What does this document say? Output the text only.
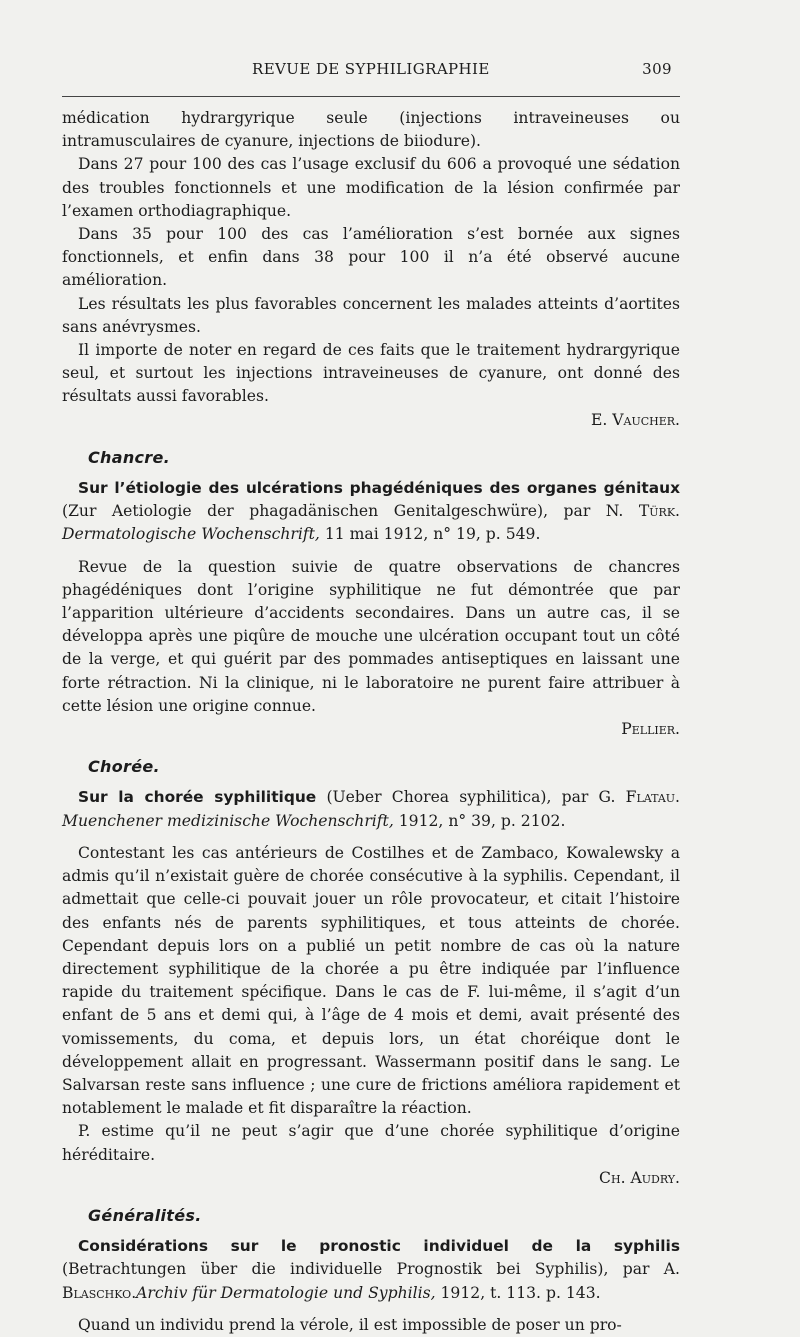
REVUE DE SYPHILIGRAPHIE	309

médication hydrargyrique seule (injections intraveineuses ou intramusculaires de cyanure, injections de biiodure).

Dans 27 pour 100 des cas l’usage exclusif du 606 a provoqué une sédation des troubles fonctionnels et une modification de la lésion confirmée par l’examen orthodiagraphique.

Dans 35 pour 100 des cas l’amélioration s’est bornée aux signes fonctionnels, et enfin dans 38 pour 100 il n’a été observé aucune amélioration.

Les résultats les plus favorables concernent les malades atteints d’aortites sans anévrysmes.

Il importe de noter en regard de ces faits que le traitement hydrargyrique seul, et surtout les injections intraveineuses de cyanure, ont donné des résultats aussi favorables.

E. Vaucher.

Chancre.

Sur l’étiologie des ulcérations phagédéniques des organes génitaux (Zur Aetiologie der phagadänischen Genitalgeschwüre), par N. Türk. Dermatologische Wochenschrift, 11 mai 1912, n° 19, p. 549.

Revue de la question suivie de quatre observations de chancres phagédéniques dont l’origine syphilitique ne fut démontrée que par l’apparition ultérieure d’accidents secondaires. Dans un autre cas, il se développa après une piqûre de mouche une ulcération occupant tout un côté de la verge, et qui guérit par des pommades antiseptiques en laissant une forte rétraction. Ni la clinique, ni le laboratoire ne purent faire attribuer à cette lésion une origine connue.

Pellier.

Chorée.

Sur la chorée syphilitique (Ueber Chorea syphilitica), par G. Flatau. Muenchener medizinische Wochenschrift, 1912, n° 39, p. 2102.

Contestant les cas antérieurs de Costilhes et de Zambaco, Kowalewsky a admis qu’il n’existait guère de chorée consécutive à la syphilis. Cependant, il admettait que celle-ci pouvait jouer un rôle provocateur, et citait l’histoire des enfants nés de parents syphilitiques, et tous atteints de chorée. Cependant depuis lors on a publié un petit nombre de cas où la nature directement syphilitique de la chorée a pu être indiquée par l’influence rapide du traitement spécifique. Dans le cas de F. lui-même, il s’agit d’un enfant de 5 ans et demi qui, à l’âge de 4 mois et demi, avait présenté des vomissements, du coma, et depuis lors, un état choréique dont le développement allait en progressant. Wassermann positif dans le sang. Le Salvarsan reste sans influence ; une cure de frictions améliora rapidement et notablement le malade et fit disparaître la réaction.

P. estime qu’il ne peut s’agir que d’une chorée syphilitique d’origine héréditaire.

Ch. Audry.

Généralités.

Considérations sur le pronostic individuel de la syphilis (Betrachtungen über die individuelle Prognostik bei Syphilis), par A. Blaschko.Archiv für Dermatologie und Syphilis, 1912, t. 113. p. 143.

Quand un individu prend la vérole, il est impossible de poser un pro-
